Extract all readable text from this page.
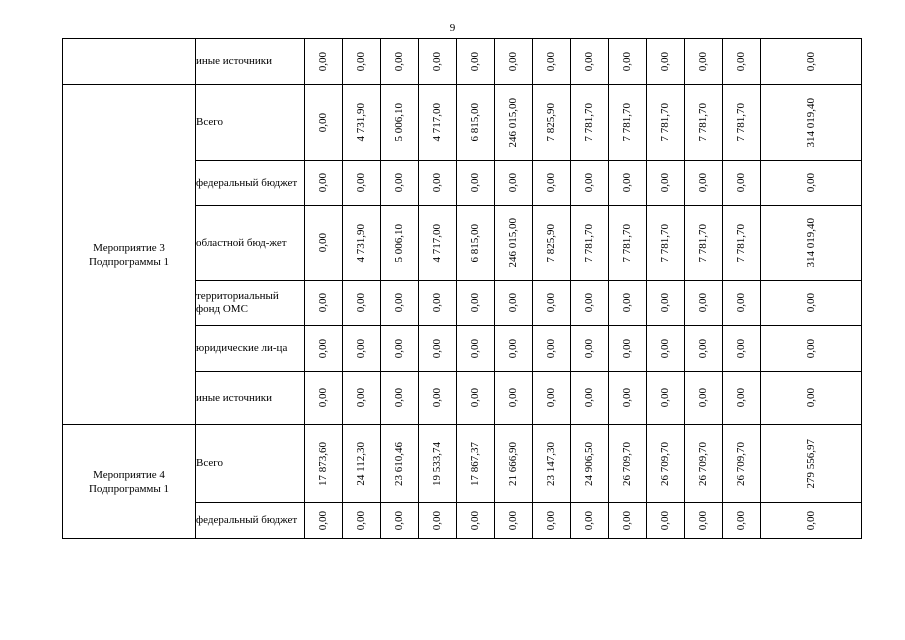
9
	иные источники	0,00	0,00	0,00	0,00	0,00	0,00	0,00	0,00	0,00	0,00	0,00	0,00	0,00

Мероприятие 3 Подпрограммы 1	Всего	0,00	4 731,90	5 006,10	4 717,00	6 815,00	246 015,00	7 825,90	7 781,70	7 781,70	7 781,70	7 781,70	7 781,70	314 019,40

	федеральный бюджет	0,00	0,00	0,00	0,00	0,00	0,00	0,00	0,00	0,00	0,00	0,00	0,00	0,00

	областной бюд-жет	0,00	4 731,90	5 006,10	4 717,00	6 815,00	246 015,00	7 825,90	7 781,70	7 781,70	7 781,70	7 781,70	7 781,70	314 019,40

	территориальный фонд ОМС	0,00	0,00	0,00	0,00	0,00	0,00	0,00	0,00	0,00	0,00	0,00	0,00	0,00

	юридические ли-ца	0,00	0,00	0,00	0,00	0,00	0,00	0,00	0,00	0,00	0,00	0,00	0,00	0,00

	иные источники	0,00	0,00	0,00	0,00	0,00	0,00	0,00	0,00	0,00	0,00	0,00	0,00	0,00

Мероприятие 4 Подпрограммы 1	Всего	17 873,60	24 112,30	23 610,46	19 533,74	17 867,37	21 666,90	23 147,30	24 906,50	26 709,70	26 709,70	26 709,70	26 709,70	279 556,97

	федеральный бюджет	0,00	0,00	0,00	0,00	0,00	0,00	0,00	0,00	0,00	0,00	0,00	0,00	0,00
